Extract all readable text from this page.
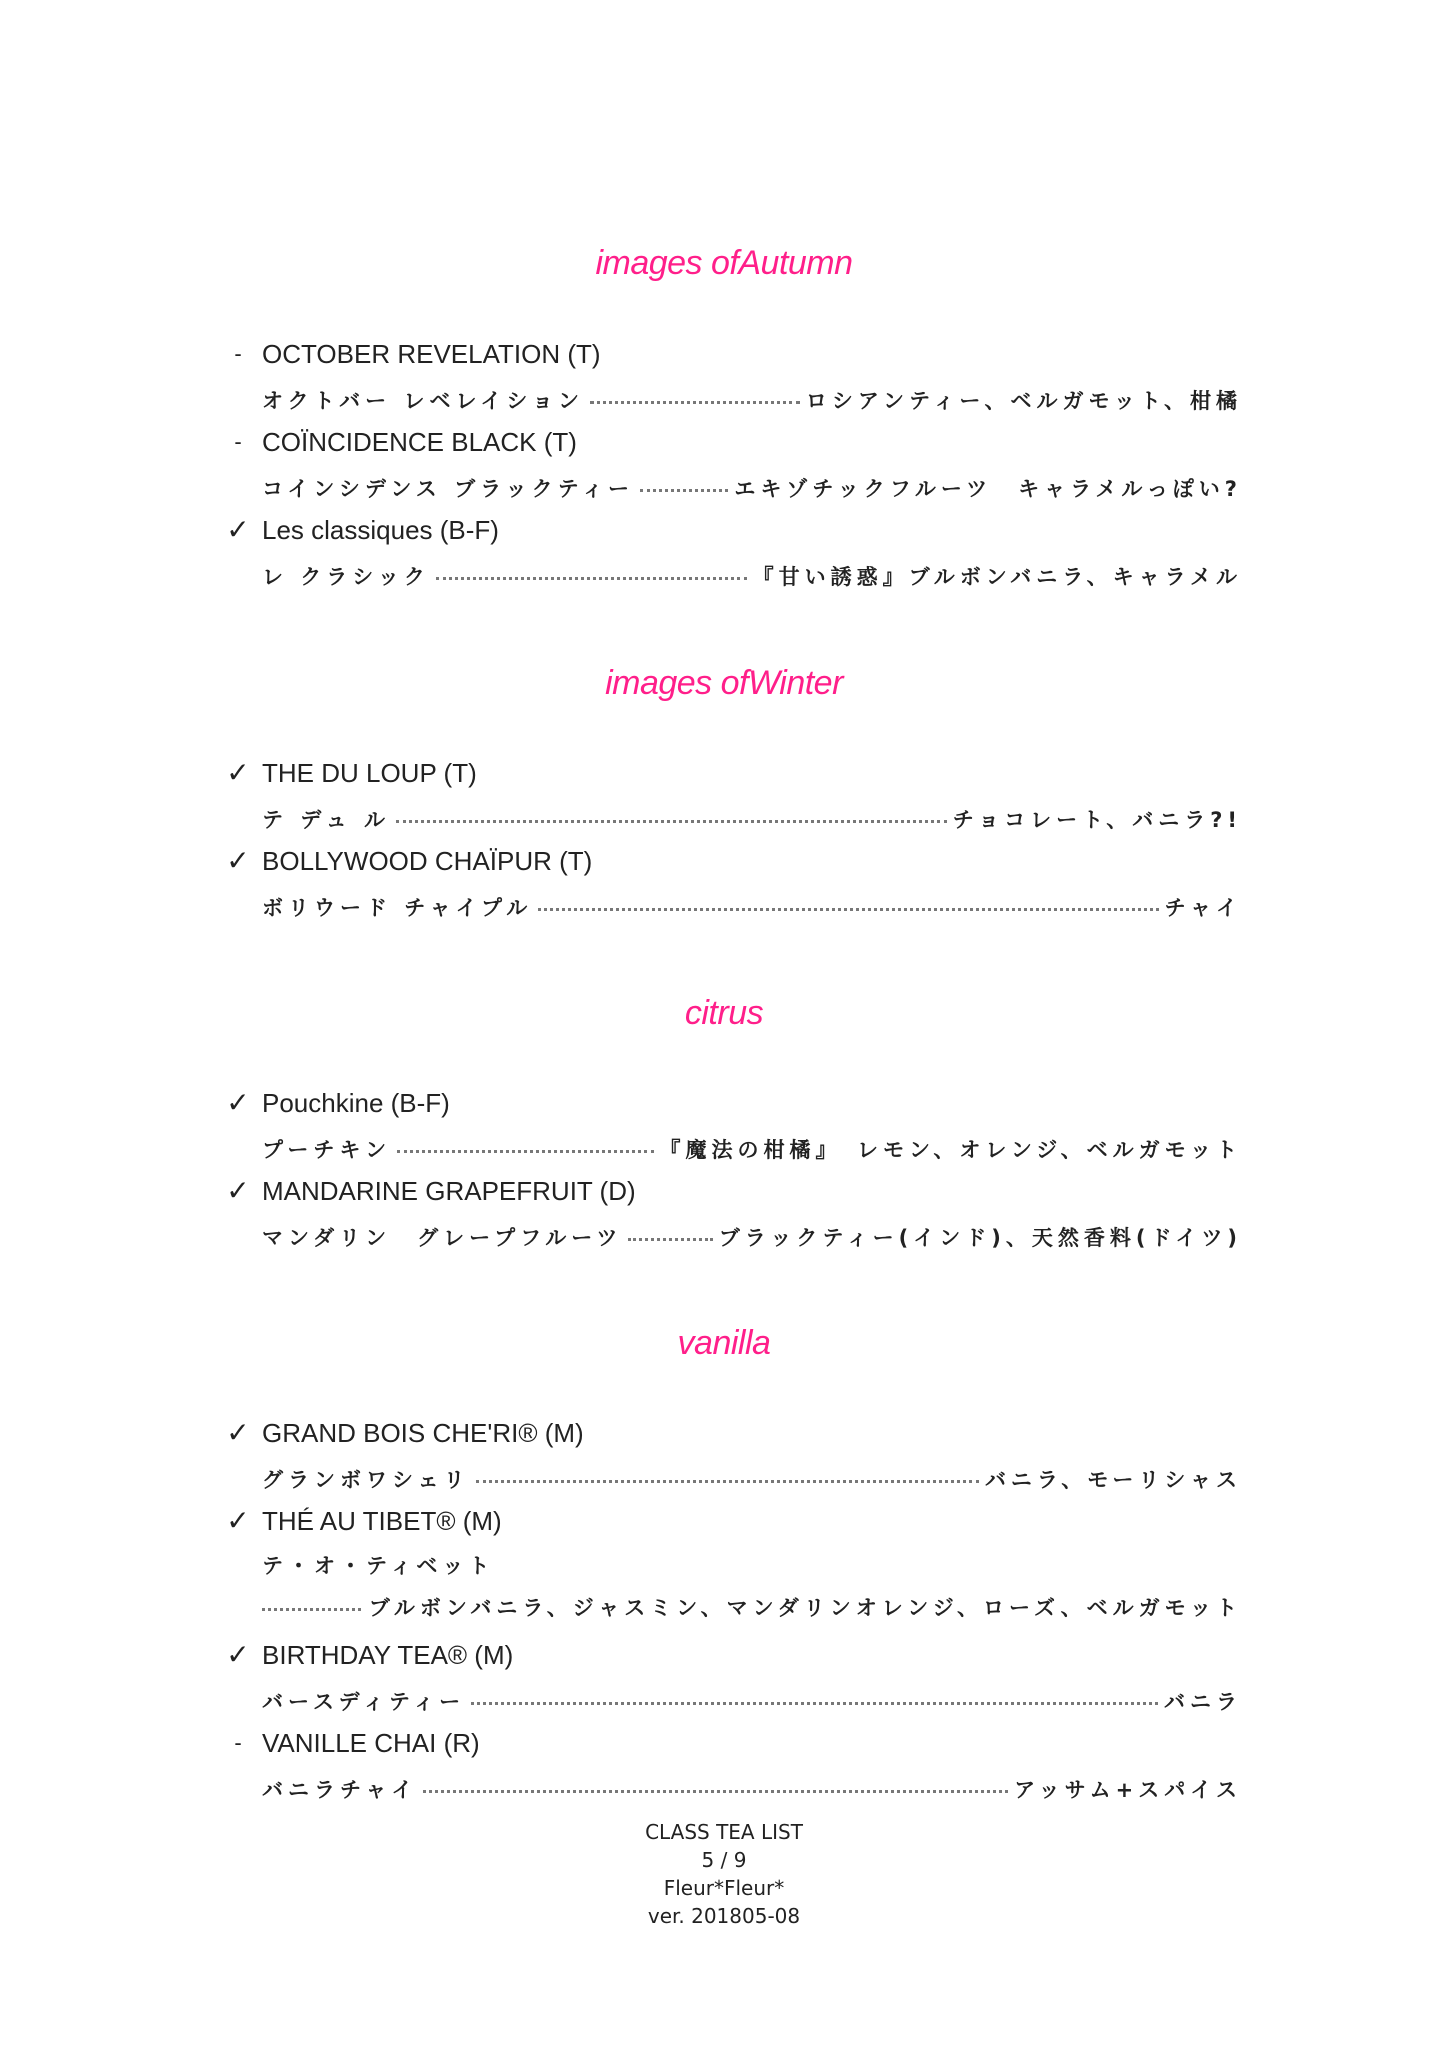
images ofAutumn
- OCTOBER REVELATION (T)
オクトバー レベレイション	ロシアンティー、ベルガモット、柑橘
- COÏNCIDENCE BLACK (T)
コインシデンス ブラックティー	エキゾチックフルーツ　キャラメルっぽい?
✓ Les classiques (B-F)
レ クラシック	『甘い誘惑』ブルボンバニラ、キャラメル
images ofWinter
✓ THE DU LOUP (T)
テ デュ ル	チョコレート、バニラ?!
✓ BOLLYWOOD CHAÏPUR (T)
ボリウード チャイプル	チャイ
citrus
✓ Pouchkine (B-F)
プーチキン	『魔法の柑橘』　レモン、オレンジ、ベルガモット
✓ MANDARINE GRAPEFRUIT (D)
マンダリン　グレープフルーツ	ブラックティー(インド)、天然香料(ドイツ)
vanilla
✓ GRAND BOIS CHE'RI® (M)
グランボワシェリ	バニラ、モーリシャス
✓ THÉ AU TIBET® (M)
テ・オ・ティベット
ブルボンバニラ、ジャスミン、マンダリンオレンジ、ローズ、ベルガモット
✓ BIRTHDAY TEA® (M)
バースディティー	バニラ
- VANILLE CHAI (R)
バニラチャイ	アッサム+スパイス
CLASS TEA LIST
5 / 9
Fleur*Fleur*
ver. 201805-08
